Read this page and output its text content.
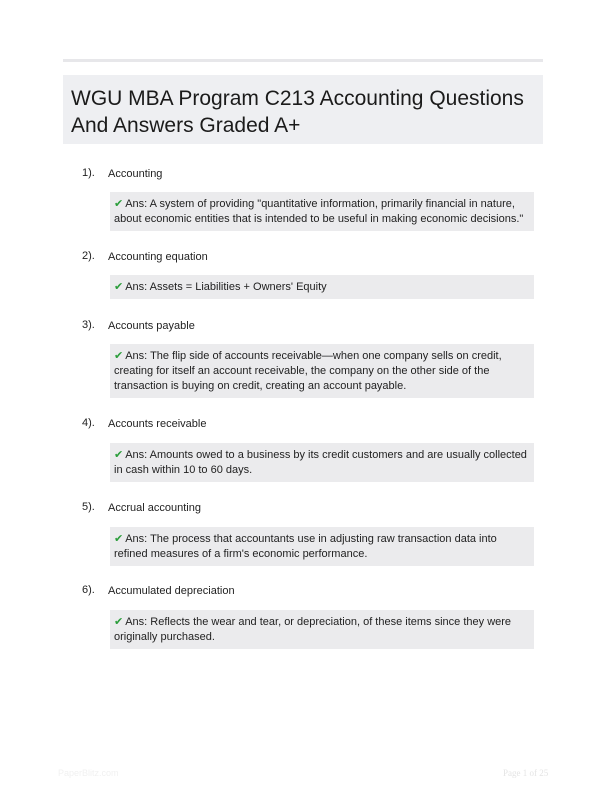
WGU MBA Program C213 Accounting Questions And Answers Graded A+
1). Accounting
✔ Ans: A system of providing "quantitative information, primarily financial in nature, about economic entities that is intended to be useful in making economic decisions."
2). Accounting equation
✔ Ans: Assets = Liabilities + Owners' Equity
3). Accounts payable
✔ Ans: The flip side of accounts receivable—when one company sells on credit, creating for itself an account receivable, the company on the other side of the transaction is buying on credit, creating an account payable.
4). Accounts receivable
✔ Ans: Amounts owed to a business by its credit customers and are usually collected in cash within 10 to 60 days.
5). Accrual accounting
✔ Ans: The process that accountants use in adjusting raw transaction data into refined measures of a firm's economic performance.
6). Accumulated depreciation
✔ Ans: Reflects the wear and tear, or depreciation, of these items since they were originally purchased.
PaperBlitz.com	Page 1 of 25
